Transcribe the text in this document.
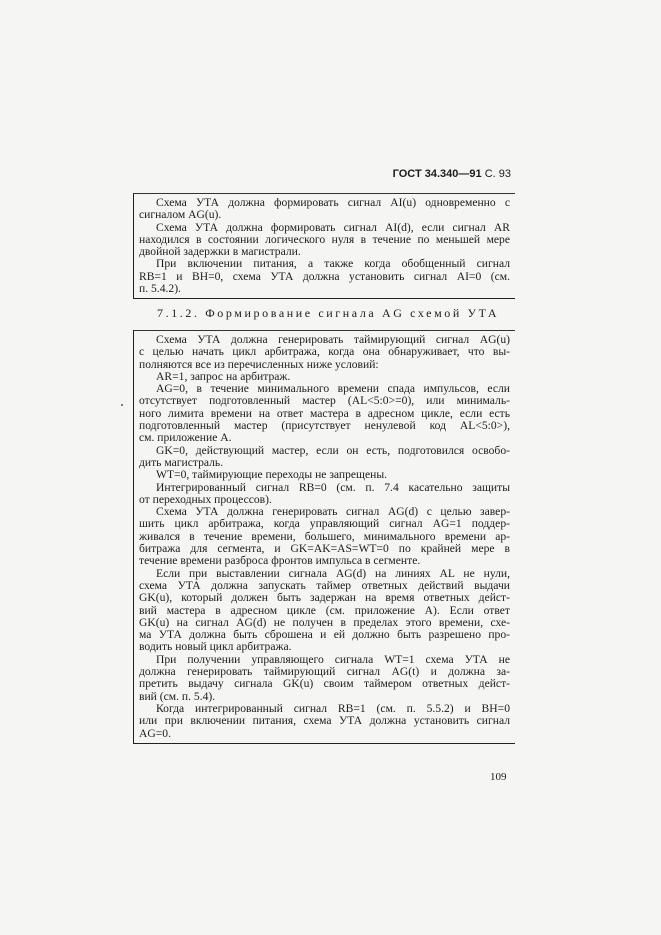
ГОСТ 34.340—91 С. 93
Схема УТА должна формировать сигнал AI(u) одновременно с
сигналом AG(u).
Схема УТА должна формировать сигнал AI(d), если сигнал AR
находился в состоянии логического нуля в течение по меньшей мере
двойной задержки в магистрали.
При включении питания, а также когда обобщенный сигнал
RB=1 и BH=0, схема УТА должна установить сигнал AI=0 (см.
п. 5.4.2).
7.1.2. Формирование сигнала AG схемой УТА
Схема УТА должна генерировать таймирующий сигнал AG(u)
с целью начать цикл арбитража, когда она обнаруживает, что вы-
полняются все из перечисленных ниже условий:
AR=1, запрос на арбитраж.
AG=0, в течение минимального времени спада импульсов, если
отсутствует подготовленный мастер (AL<5:0>=0), или минималь-
ного лимита времени на ответ мастера в адресном цикле, если есть
подготовленный мастер (присутствует ненулевой код AL<5:0>),
см. приложение А.
GK=0, действующий мастер, если он есть, подготовился освобо-
дить магистраль.
WT=0, таймирующие переходы не запрещены.
Интегрированный сигнал RB=0 (см. п. 7.4 касательно защиты
от переходных процессов).
Схема УТА должна генерировать сигнал AG(d) с целью завер-
шить цикл арбитража, когда управляющий сигнал AG=1 поддер-
живался в течение времени, большего, минимального времени ар-
битража для сегмента, и GK=AK=AS=WT=0 по крайней мере в
течение времени разброса фронтов импульса в сегменте.
Если при выставлении сигнала AG(d) на линиях AL не нули,
схема УТА должна запускать таймер ответных действий выдачи
GK(u), который должен быть задержан на время ответных дейст-
вий мастера в адресном цикле (см. приложение А). Если ответ
GK(u) на сигнал AG(d) не получен в пределах этого времени, схе-
ма УТА должна быть сброшена и ей должно быть разрешено про-
водить новый цикл арбитража.
При получении управляющего сигнала WT=1 схема УТА не
должна генерировать таймирующий сигнал AG(t) и должна за-
претить выдачу сигнала GK(u) своим таймером ответных дейст-
вий (см. п. 5.4).
Когда интегрированный сигнал RB=1 (см. п. 5.5.2) и BH=0
или при включении питания, схема УТА должна установить сигнал
AG=0.
109
